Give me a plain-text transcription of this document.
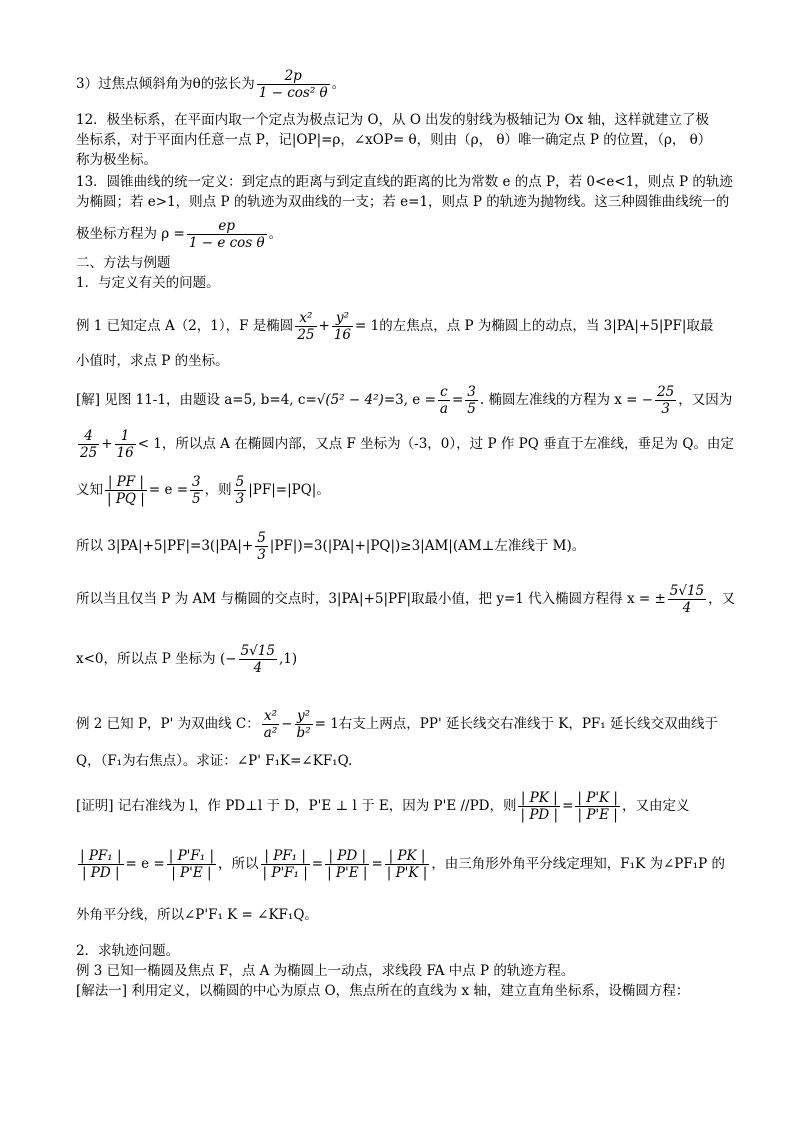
3）过焦点倾斜角为θ的弦长为 $\frac{2p}{\text{1 − cos² θ}}$ 。
12．极坐标系，在平面内取一个定点为极点记为 O，从 O 出发的射线为极轴记为 Ox 轴，这样就建立了极
坐标系，对于平面内任意一点 P，记|OP|=ρ，∠xOP= θ，则由（ρ， θ）唯一确定点 P 的位置，（ρ， θ）
称为极坐标。
13．圆锥曲线的统一定义：到定点的距离与到定直线的距离的比为常数 e 的点 P，若 0<e<1，则点 P 的轨迹
为椭圆；若 e>1，则点 P 的轨迹为双曲线的一支；若 e=1，则点 P 的轨迹为抛物线。这三种圆锥曲线统一的
极坐标方程为 $\rho = \frac{ep}{\text{1 − e cos θ}}$ 。
二、方法与例题
1．与定义有关的问题。
例 1 已知定点 A（2，1），F 是椭圆 $\frac{\text{x²}}{25} + \frac{\text{y²}}{16} = 1$的左焦点，点 P 为椭圆上的动点，当 3|PA|+5|PF|取最
小值时，求点 P 的坐标。
[解] 见图 11-1，由题设 a=5, b=4, c=√(5² − 4²)=3, $e = \frac{c}{a} = \frac{3}{5}$ . 椭圆左准线的方程为 x = − $\frac{25}{3}$ ，又因为
$\frac{4}{25} + \frac{1}{16} < 1$，所以点 A 在椭圆内部，又点 F 坐标为（-3，0），过 P 作 PQ 垂直于左准线，垂足为 Q。由定
义知 $\frac{| PF |}{| PQ |} = e = \frac{3}{5}$ ，则 $\frac{5}{3} |PF|=|PQ|$。
所以 $3|PA|+5|PF|=3(|PA|+ \frac{5}{3}$ |PF|)=3(|PA|+|PQ|)≥3|AM|(AM⊥左准线于 M)。
所以当且仅当 P 为 AM 与椭圆的交点时，3|PA|+5|PF|取最小值，把 y=1 代入椭圆方程得 x = ± $\frac{5√15}{4}$ ，又
x<0，所以点 P 坐标为 (− $\frac{5√15}{4} ,1$)
例 2 已知 P，P' 为双曲线 C： $\frac{\text{x²}}{\text{a²}} - \frac{\text{y²}}{\text{b²}} = 1$右支上两点，PP' 延长线交右准线于 K，PF₁ 延长线交双曲线于
Q，（F₁为右焦点）。求证：∠P' F₁K=∠KF₁Q.
[证明] 记右准线为 l，作 PD⊥l 于 D，P'E ⊥ l 于 E，因为 P'E //PD，则 $\frac{| PK |}{| PD |} = \frac{| P'K |}{| P'E |}$ ，又由定义
$\frac{\text{| PF₁ |}}{| PD |} = e = \frac{\text{| P'F₁ |}}{| P'E |}$ ，所以 $\frac{\text{| PF₁ |}}{\text{| P'F₁ |}} = \frac{| PD |}{| P'E |} = \frac{| PK |}{| P'K |}$ ，由三角形外角平分线定理知，F₁K 为∠PF₁P 的
外角平分线，所以∠P'F₁ K = ∠KF₁Q。
2．求轨迹问题。
例 3 已知一椭圆及焦点 F，点 A 为椭圆上一动点，求线段 FA 中点 P 的轨迹方程。
[解法一] 利用定义，以椭圆的中心为原点 O，焦点所在的直线为 x 轴，建立直角坐标系，设椭圆方程：
